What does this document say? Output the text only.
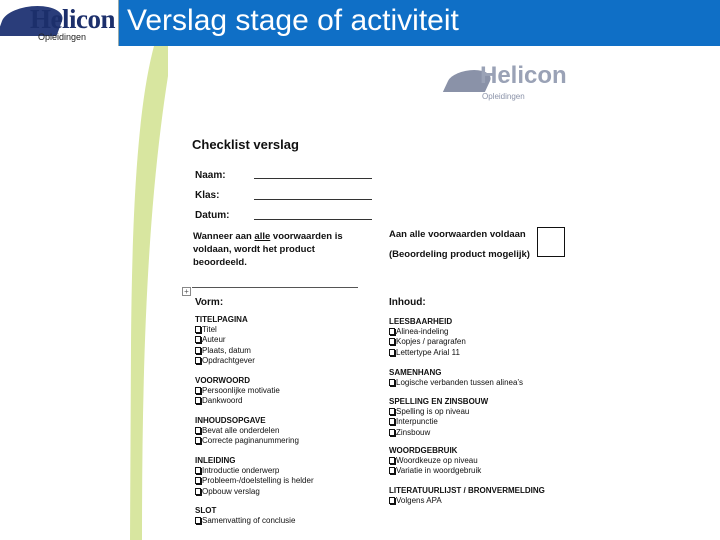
Helicon
Opleidingen Verslag stage of activiteit
Helicon
Opleidingen
Checklist verslag
Naam:
Klas:
Datum:
Wanneer aan alle voorwaarden is voldaan, wordt het product beoordeeld.
Aan alle voorwaarden voldaan
(Beoordeling product mogelijk)
+
Vorm:	Inhoud:
TITELPAGINA
Titel
Auteur
Plaats, datum
Opdrachtgever
VOORWOORD
Persoonlijke motivatie
Dankwoord
INHOUDSOPGAVE
Bevat alle onderdelen
Correcte paginanummering
INLEIDING
Introductie onderwerp
Probleem-/doelstelling is helder
Opbouw verslag
SLOT
Samenvatting of conclusie
LEESBAARHEID
Alinea-indeling
Kopjes / paragrafen
Lettertype Arial 11
SAMENHANG
Logische verbanden tussen alinea’s
SPELLING EN ZINSBOUW
Spelling is op niveau
Interpunctie
Zinsbouw
WOORDGEBRUIK
Woordkeuze op niveau
Variatie in woordgebruik
LITERATUURLIJST / BRONVERMELDING
Volgens APA
